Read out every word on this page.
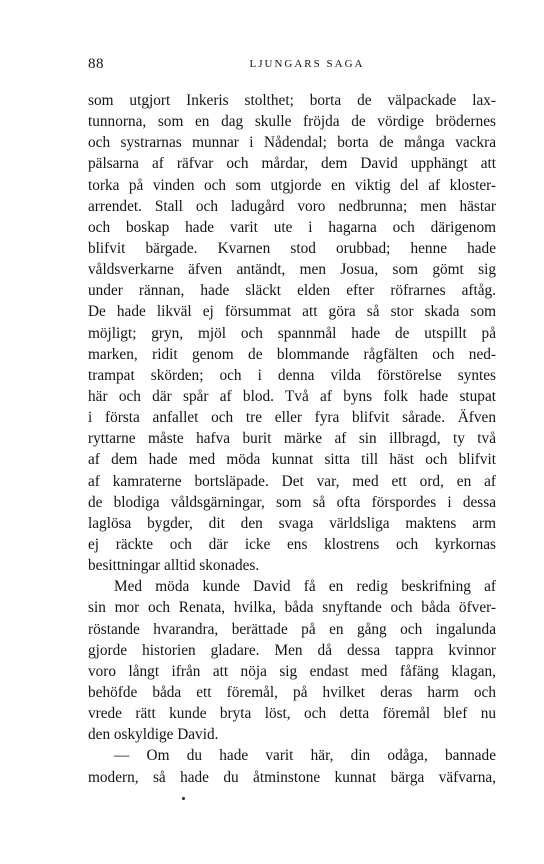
88	LJUNGARS SAGA
som utgjort Inkeris stolthet; borta de välpackade lax-
tunnorna, som en dag skulle fröjda de vördige brödernes
och systrarnas munnar i Nådendal; borta de många vackra
pälsarna af räfvar och mårdar, dem David upphängt att
torka på vinden och som utgjorde en viktig del af kloster-
arrendet. Stall och ladugård voro nedbrunna; men hästar
och boskap hade varit ute i hagarna och därigenom
blifvit bärgade. Kvarnen stod orubbad; henne hade
våldsverkarne äfven antändt, men Josua, som gömt sig
under rännan, hade släckt elden efter röfrarnes aftåg.
De hade likväl ej försummat att göra så stor skada som
möjligt; gryn, mjöl och spannmål hade de utspillt på
marken, ridit genom de blommande rågfälten och ned-
trampat skörden; och i denna vilda förstörelse syntes
här och där spår af blod. Två af byns folk hade stupat
i första anfallet och tre eller fyra blifvit sårade. Äfven
ryttarne måste hafva burit märke af sin illbragd, ty två
af dem hade med möda kunnat sitta till häst och blifvit
af kamraterne bortsläpade. Det var, med ett ord, en af
de blodiga våldsgärningar, som så ofta förspordes i dessa
laglösa bygder, dit den svaga världsliga maktens arm
ej räckte och där icke ens klostrens och kyrkornas
besittningar alltid skonades.
Med möda kunde David få en redig beskrifning af
sin mor och Renata, hvilka, båda snyftande och båda öfver-
röstande hvarandra, berättade på en gång och ingalunda
gjorde historien gladare. Men då dessa tappra kvinnor
voro långt ifrån att nöja sig endast med fåfäng klagan,
behöfde båda ett föremål, på hvilket deras harm och
vrede rätt kunde bryta löst, och detta föremål blef nu
den oskyldige David.
— Om du hade varit här, din odåga, bannade
modern, så hade du åtminstone kunnat bärga väfvarna,
